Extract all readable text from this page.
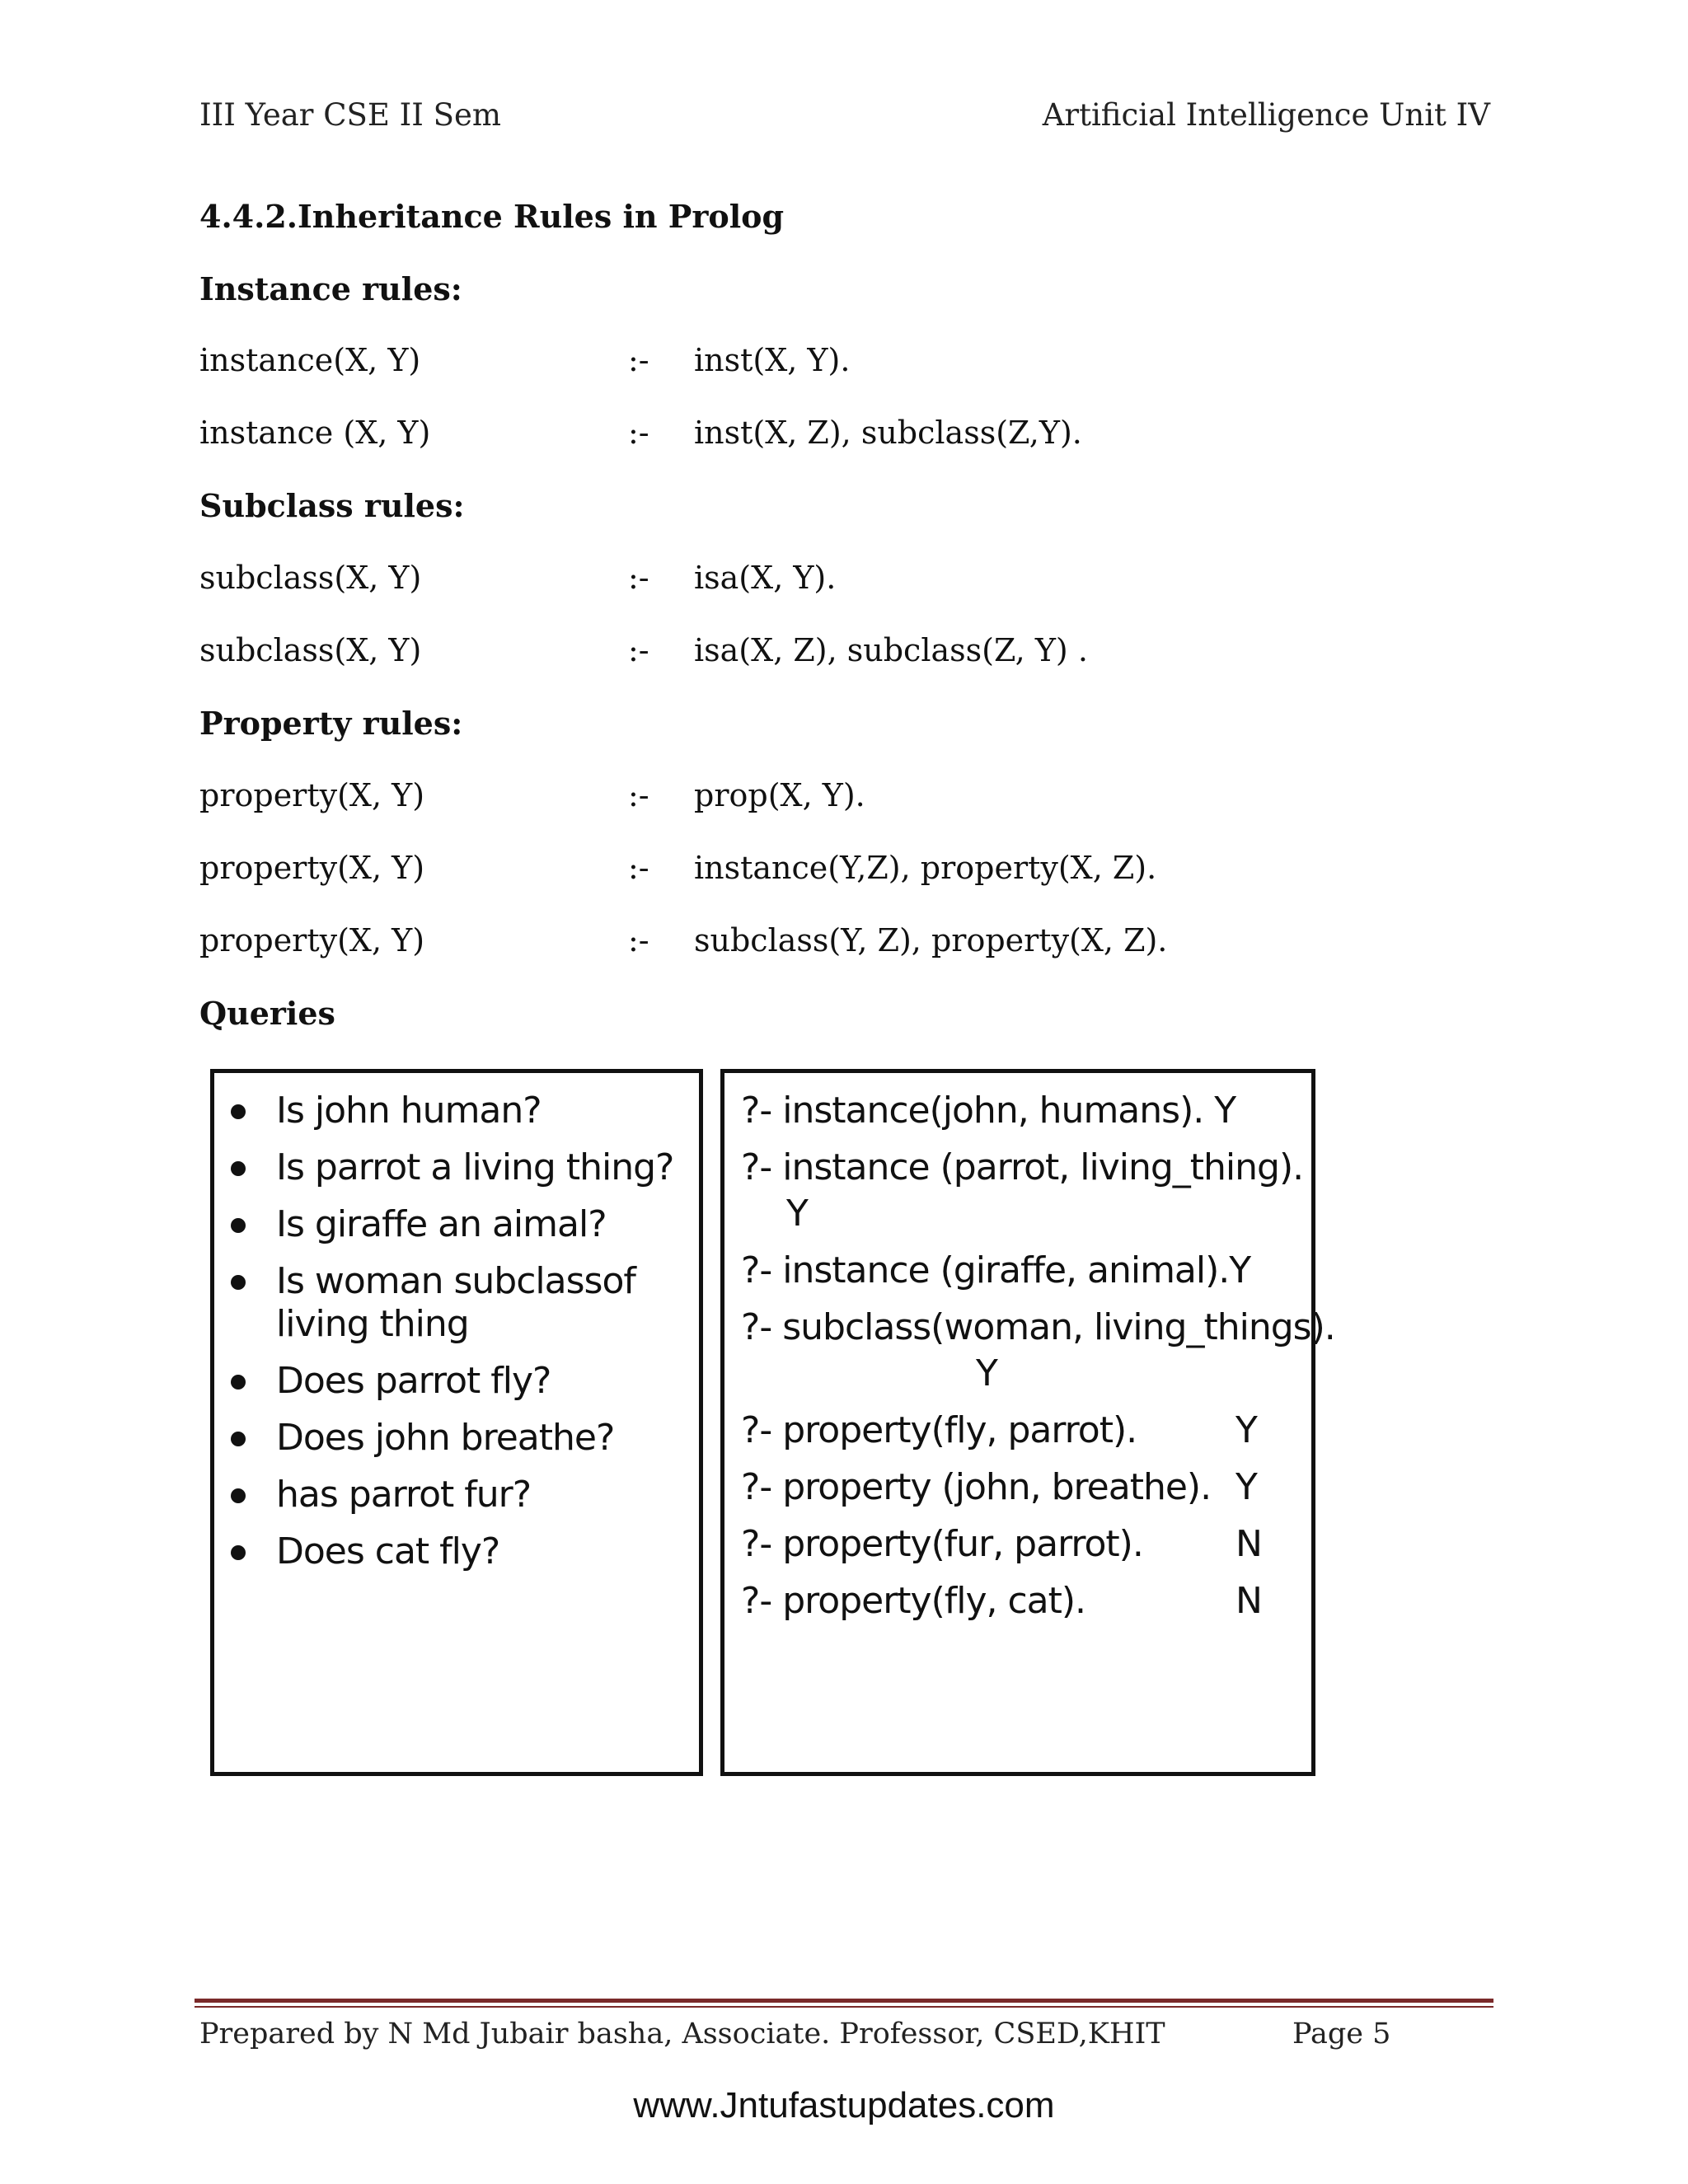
III Year CSE II Sem	Artificial Intelligence Unit IV
4.4.2.Inheritance Rules in Prolog
Instance rules:
instance(X, Y)	:- inst(X, Y).
instance (X, Y)	:- inst(X, Z), subclass(Z,Y).
Subclass rules:
subclass(X, Y)	:- isa(X, Y).
subclass(X, Y)	:- isa(X, Z), subclass(Z, Y) .
Property rules:
property(X, Y)	:- prop(X, Y).
property(X, Y)	:- instance(Y,Z), property(X, Z).
property(X, Y)	:- subclass(Y, Z), property(X, Z).
Queries
Is john human?
Is parrot a living thing?
Is giraffe an aimal?
Is woman subclassof living thing
Does parrot fly?
Does john breathe?
has parrot fur?
Does cat fly?
?- instance(john, humans). Y
?- instance (parrot, living_thing).
Y
?- instance (giraffe, animal).Y
?- subclass(woman, living_things).
Y
?- property(fly, parrot).	Y
?- property (john, breathe). Y
?- property(fur, parrot).	N
?- property(fly, cat).	N
Prepared by N Md Jubair basha, Associate. Professor, CSED,KHIT	Page 5
www.Jntufastupdates.com
